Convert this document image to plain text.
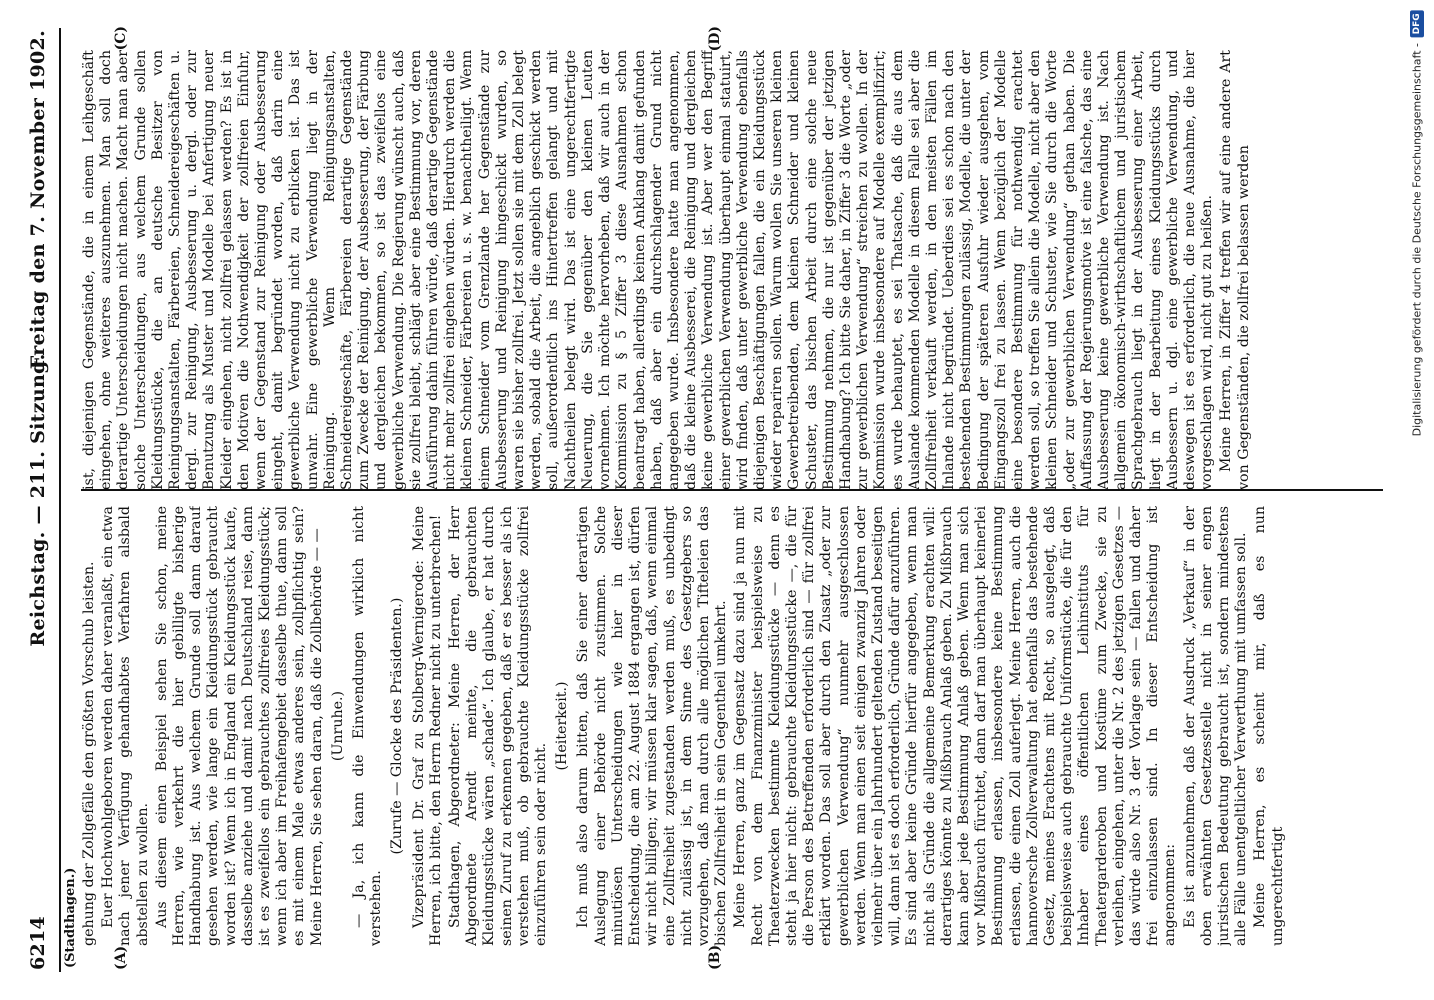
6214
Reichstag. — 211. Sitzung.
Freitag den 7. November 1902.
(Stadthagen.)	(A)	(B)
(C)	(D)

gehung der Zollgefälle den größten Vorschub leisten. Euer Hochwohlgeboren werden daher veranlaßt, ein etwa nach jener Verfügung gehandhabtes Verfahren alsbald abstellen zu wollen. Aus diesem einen Beispiel sehen Sie schon, meine Herren, wie verkehrt die hier gebilligte bisherige Handhabung ist. Aus welchem Grunde soll dann darauf gesehen werden, wie lange ein Kleidungsstück gebraucht worden ist? Wenn ich in England ein Kleidungsstück kaufe, dasselbe anziehe und damit nach Deutschland reise, dann ist es zweifellos ein gebrauchtes zollfreies Kleidungsstück; wenn ich aber im Freihafengebiet dasselbe thue, dann soll es mit einem Male etwas anderes sein, zollpflichtig sein? Meine Herren, Sie sehen daran, daß die Zollbehörde — — (Unruhe.) — Ja, ich kann die Einwendungen wirklich nicht verstehen.

(Zurufe — Glocke des Präsidenten.) Vizepräsident Dr. Graf zu Stolberg-Wernigerode: Meine Herren, ich bitte, den Herrn Redner nicht zu unterbrechen! Stadthagen, Abgeordneter: Meine Herren, der Herr Abgeordnete Arendt meinte, die gebrauchten Kleidungsstücke wären „schade“. Ich glaube, er hat durch seinen Zuruf zu erkennen gegeben, daß er es besser als ich verstehen muß, ob gebrauchte Kleidungsstücke zollfrei einzuführen sein oder nicht.

(Heiterkeit.) Ich muß also darum bitten, daß Sie einer derartigen Auslegung einer Behörde nicht zustimmen. Solche minutiösen Unterscheidungen wie hier in dieser Entscheidung, die am 22. August 1884 ergangen ist, dürfen wir nicht billigen; wir müssen klar sagen, daß, wenn einmal eine Zollfreiheit zugestanden werden muß, es unbedingt nicht zulässig ist, in dem Sinne des Gesetzgebers so vorzugehen, daß man durch alle möglichen Tifteleien das bischen Zollfreiheit in sein Gegentheil umkehrt. Meine Herren, ganz im Gegensatz dazu sind ja nun mit Recht von dem Finanzminister beispielsweise zu Theaterzwecken bestimmte Kleidungsstücke — denn es steht ja hier nicht: gebrauchte Kleidungsstücke —, die für die Person des Betreffenden erforderlich sind — für zollfrei erklärt worden. Das soll aber durch den Zusatz „oder zur gewerblichen Verwendung“ nunmehr ausgeschlossen werden. Wenn man einen seit einigen zwanzig Jahren oder vielmehr über ein Jahrhundert geltenden Zustand beseitigen will, dann ist es doch erforderlich, Gründe dafür anzuführen. Es sind aber keine Gründe hierfür angegeben, wenn man nicht als Gründe die allgemeine Bemerkung erachten will: derartiges könnte zu Mißbrauch Anlaß geben. Zu Mißbrauch kann aber jede Bestimmung Anlaß geben. Wenn man sich vor Mißbrauch fürchtet, dann darf man überhaupt keinerlei Bestimmung erlassen, insbesondere keine Bestimmung erlassen, die einen Zoll auferlegt. Meine Herren, auch die hannoversche Zollverwaltung hat ebenfalls das bestehende Gesetz, meines Erachtens mit Recht, so ausgelegt, daß beispielsweise auch gebrauchte Uniformstücke, die für den Inhaber eines öffentlichen Leihinstituts für Theatergarderoben und Kostüme zum Zwecke, sie zu verleihen, eingehen, unter die Nr. 2 des jetzigen Gesetzes — das würde also Nr. 3 der Vorlage sein — fallen und daher frei einzulassen sind. In dieser Entscheidung ist angenommen: Es ist anzunehmen, daß der Ausdruck „Verkauf“ in der oben erwähnten Gesetzesstelle nicht in seiner engen juristischen Bedeutung gebraucht ist, sondern mindestens alle Fälle unentgeltlicher Verwerthung mit umfassen soll. Meine Herren, es scheint mir, daß es nun ungerechtfertigt

ist, diejenigen Gegenstände, die in einem Leihgeschäft eingehen, ohne weiteres auszunehmen. Man soll doch derartige Unterscheidungen nicht machen. Macht man aber solche Unterscheidungen, aus welchem Grunde sollen Kleidungsstücke, die an deutsche Besitzer von Reinigungsanstalten, Färbereien, Schneidereigeschäften u. dergl. zur Reinigung, Ausbesserung u. dergl. oder zur Benutzung als Muster und Modelle bei Anfertigung neuer Kleider eingehen, nicht zollfrei gelassen werden? Es ist in den Motiven die Nothwendigkeit der zollfreien Einfuhr, wenn der Gegenstand zur Reinigung oder Ausbesserung eingeht, damit begründet worden, daß darin eine gewerbliche Verwendung nicht zu erblicken ist. Das ist unwahr. Eine gewerbliche Verwendung liegt in der Reinigung. Wenn Reinigungsanstalten, Schneidereigeschäfte, Färbereien derartige Gegenstände zum Zwecke der Reinigung, der Ausbesserung, der Färbung und dergleichen bekommen, so ist das zweifellos eine gewerbliche Verwendung. Die Regierung wünscht auch, daß sie zollfrei bleibt, schlägt aber eine Bestimmung vor, deren Ausführung dahin führen würde, daß derartige Gegenstände nicht mehr zollfrei eingehen würden. Hierdurch werden die kleinen Schneider, Färbereien u. s. w. benachtheiligt. Wenn einem Schneider vom Grenzlande her Gegenstände zur Ausbesserung und Reinigung hingeschickt wurden, so waren sie bisher zollfrei. Jetzt sollen sie mit dem Zoll belegt werden, sobald die Arbeit, die angeblich geschickt werden soll, außerordentlich ins Hintertreffen gelangt und mit Nachtheilen belegt wird. Das ist eine ungerechtfertigte Neuerung, die Sie gegenüber den kleinen Leuten vornehmen. Ich möchte hervorheben, daß wir auch in der Kommission zu § 5 Ziffer 3 diese Ausnahmen schon beantragt haben, allerdings keinen Anklang damit gefunden haben, daß aber ein durchschlagender Grund nicht angegeben wurde. Insbesondere hatte man angenommen, daß die kleine Ausbesserei, die Reinigung und dergleichen keine gewerbliche Verwendung ist. Aber wer den Begriff einer gewerblichen Verwendung überhaupt einmal statuirt, wird finden, daß unter gewerbliche Verwendung ebenfalls diejenigen Beschäftigungen fallen, die ein Kleidungsstück wieder repariren sollen. Warum wollen Sie unseren kleinen Gewerbetreibenden, dem kleinen Schneider und kleinen Schuster, das bischen Arbeit durch eine solche neue Bestimmung nehmen, die nur ist gegenüber der jetzigen Handhabung? Ich bitte Sie daher, in Ziffer 3 die Worte „oder zur gewerblichen Verwendung“ streichen zu wollen. In der Kommission wurde insbesondere auf Modelle exemplifizirt; es wurde behauptet, es sei Thatsache, daß die aus dem Auslande kommenden Modelle in diesem Falle sei aber die Zollfreiheit verkauft werden, in den meisten Fällen im Inlande nicht begründet. Ueberdies sei es schon nach den bestehenden Bestimmungen zulässig, Modelle, die unter der Bedingung der späteren Ausfuhr wieder ausgehen, vom Eingangszoll frei zu lassen. Wenn bezüglich der Modelle eine besondere Bestimmung für nothwendig erachtet werden soll, so treffen Sie allein die Modelle, nicht aber den kleinen Schneider und Schuster, wie Sie durch die Worte „oder zur gewerblichen Verwendung“ gethan haben. Die Auffassung der Regierungsmotive ist eine falsche, das eine Ausbesserung keine gewerbliche Verwendung ist. Nach allgemein ökonomisch-wirthschaftlichem und juristischem Sprachgebrauch liegt in der Ausbesserung einer Arbeit, liegt in der Bearbeitung eines Kleidungsstücks durch Ausbessern u. dgl. eine gewerbliche Verwendung, und deswegen ist es erforderlich, die neue Ausnahme, die hier vorgeschlagen wird, nicht gut zu heißen. Meine Herren, in Ziffer 4 treffen wir auf eine andere Art von Gegenständen, die zollfrei belassen werden	Digitalisierung gefördert durch die Deutsche Forschungsgemeinschaft -
DFG
